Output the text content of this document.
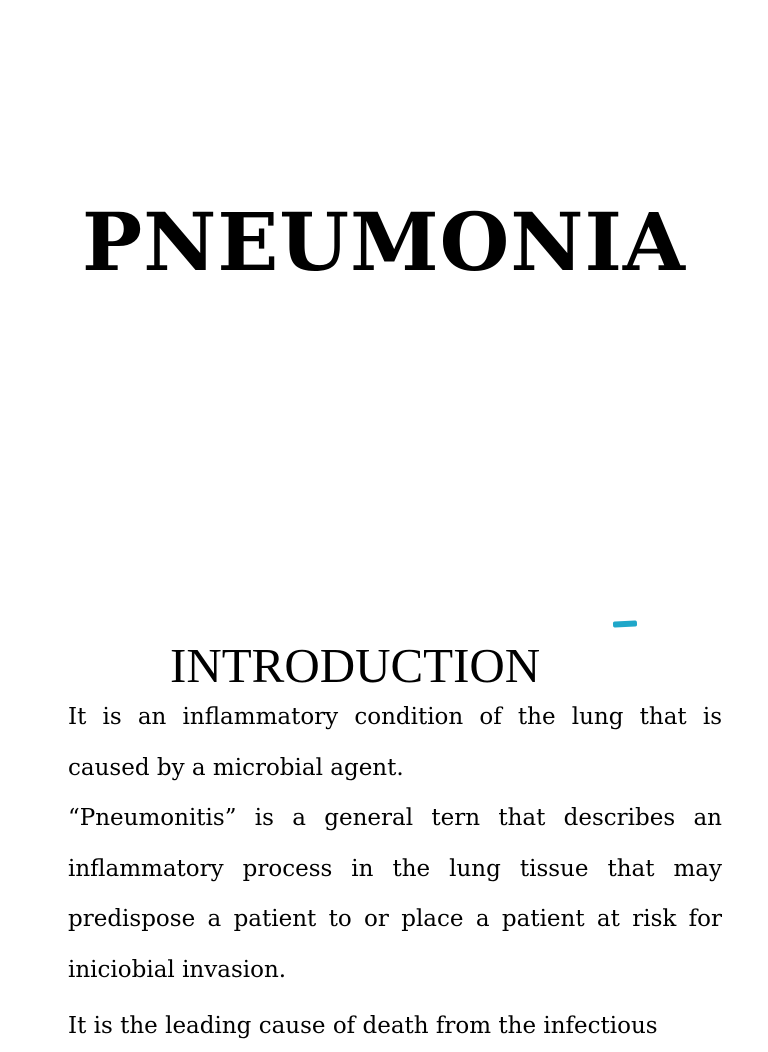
PNEUMONIA
INTRODUCTION

It is an inflammatory condition of the lung that is caused by a microbial agent.

“Pneumonitis” is a general tern that describes an inflammatory process in the lung tissue that may predispose a patient to or place a patient at risk for iniciobial invasion.

It is the leading cause of death from the infectious
